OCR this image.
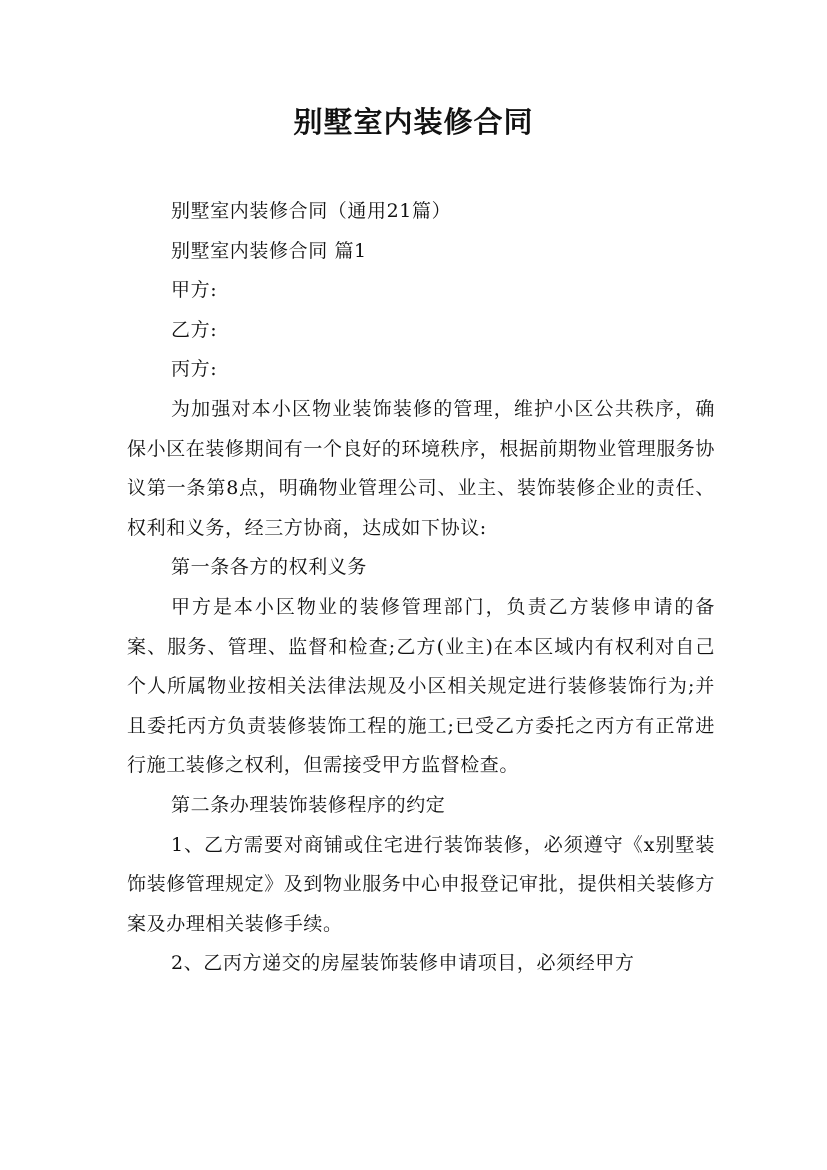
别墅室内装修合同

别墅室内装修合同（通用21篇）

别墅室内装修合同 篇1

甲方:

乙方:

丙方:

为加强对本小区物业装饰装修的管理，维护小区公共秩序，确保小区在装修期间有一个良好的环境秩序，根据前期物业管理服务协议第一条第8点，明确物业管理公司、业主、装饰装修企业的责任、权利和义务，经三方协商，达成如下协议:

第一条各方的权利义务

甲方是本小区物业的装修管理部门，负责乙方装修申请的备案、服务、管理、监督和检查;乙方(业主)在本区域内有权利对自己个人所属物业按相关法律法规及小区相关规定进行装修装饰行为;并且委托丙方负责装修装饰工程的施工;已受乙方委托之丙方有正常进行施工装修之权利，但需接受甲方监督检查。

第二条办理装饰装修程序的约定

1、乙方需要对商铺或住宅进行装饰装修，必须遵守《x别墅装饰装修管理规定》及到物业服务中心申报登记审批，提供相关装修方案及办理相关装修手续。

2、乙丙方递交的房屋装饰装修申请项目，必须经甲方
